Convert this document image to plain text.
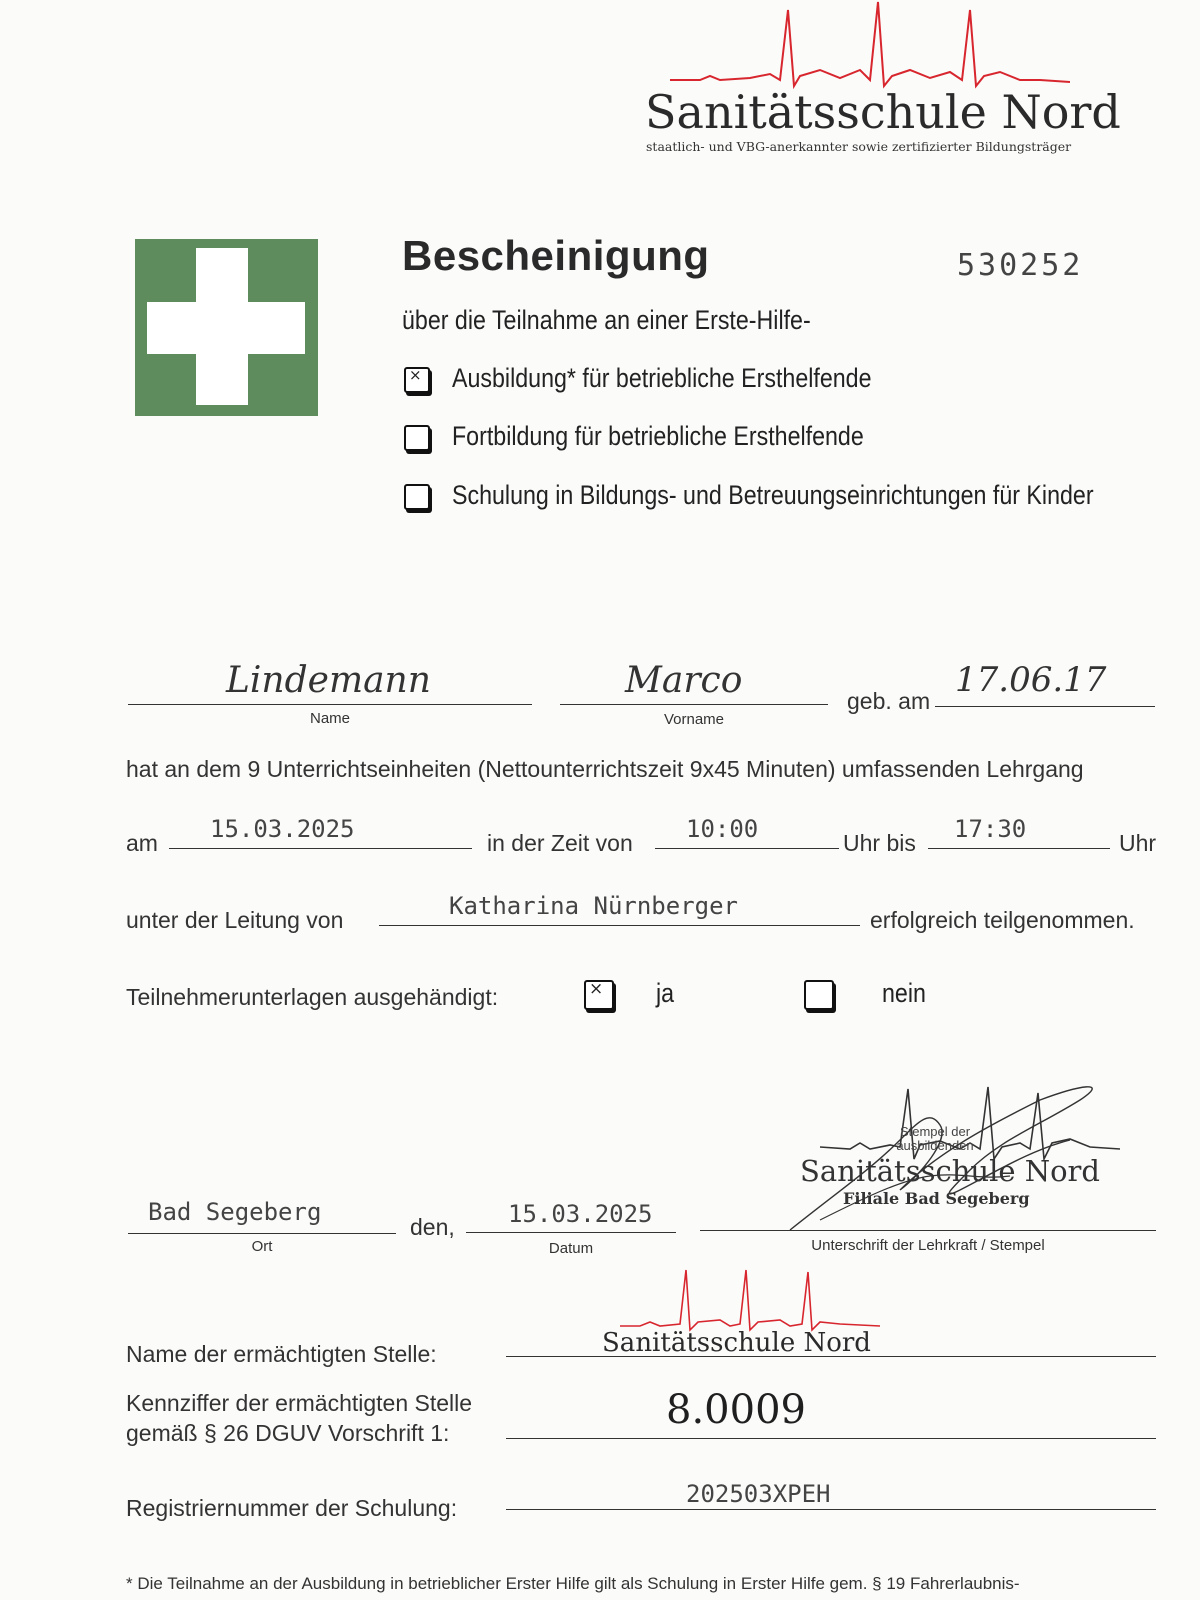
Sanitätsschule Nord
staatlich- und VBG-anerkannter sowie zertifizierter Bildungsträger
Bescheinigung	530252
über die Teilnahme an einer Erste-Hilfe-
× Ausbildung* für betriebliche Ersthelfende
Fortbildung für betriebliche Ersthelfende
Schulung in Bildungs- und Betreuungseinrichtungen für Kinder
Lindemann
Name
Marco
Vorname
geb. am
17.06.17
hat an dem 9 Unterrichtseinheiten (Nettounterrichtszeit 9x45 Minuten) umfassenden Lehrgang
am 15.03.2025	in der Zeit von 10:00	Uhr bis 17:30	Uhr
unter der Leitung von	Katharina Nürnberger	erfolgreich teilgenommen.
Teilnehmerunterlagen ausgehändigt:	× ja	nein
Bad Segeberg
Ort
den, 15.03.2025
Datum
Stempel der ausbildenden
Sanitätsschule Nord
Filiale Bad Segeberg
Unterschrift der Lehrkraft / Stempel
Name der ermächtigten Stelle:	Sanitätsschule Nord
Kennziffer der ermächtigten Stelle
gemäß § 26 DGUV Vorschrift 1:	8.0009
Registriernummer der Schulung:	202503XPEH
* Die Teilnahme an der Ausbildung in betrieblicher Erster Hilfe gilt als Schulung in Erster Hilfe gem. § 19 Fahrerlaubnis-
